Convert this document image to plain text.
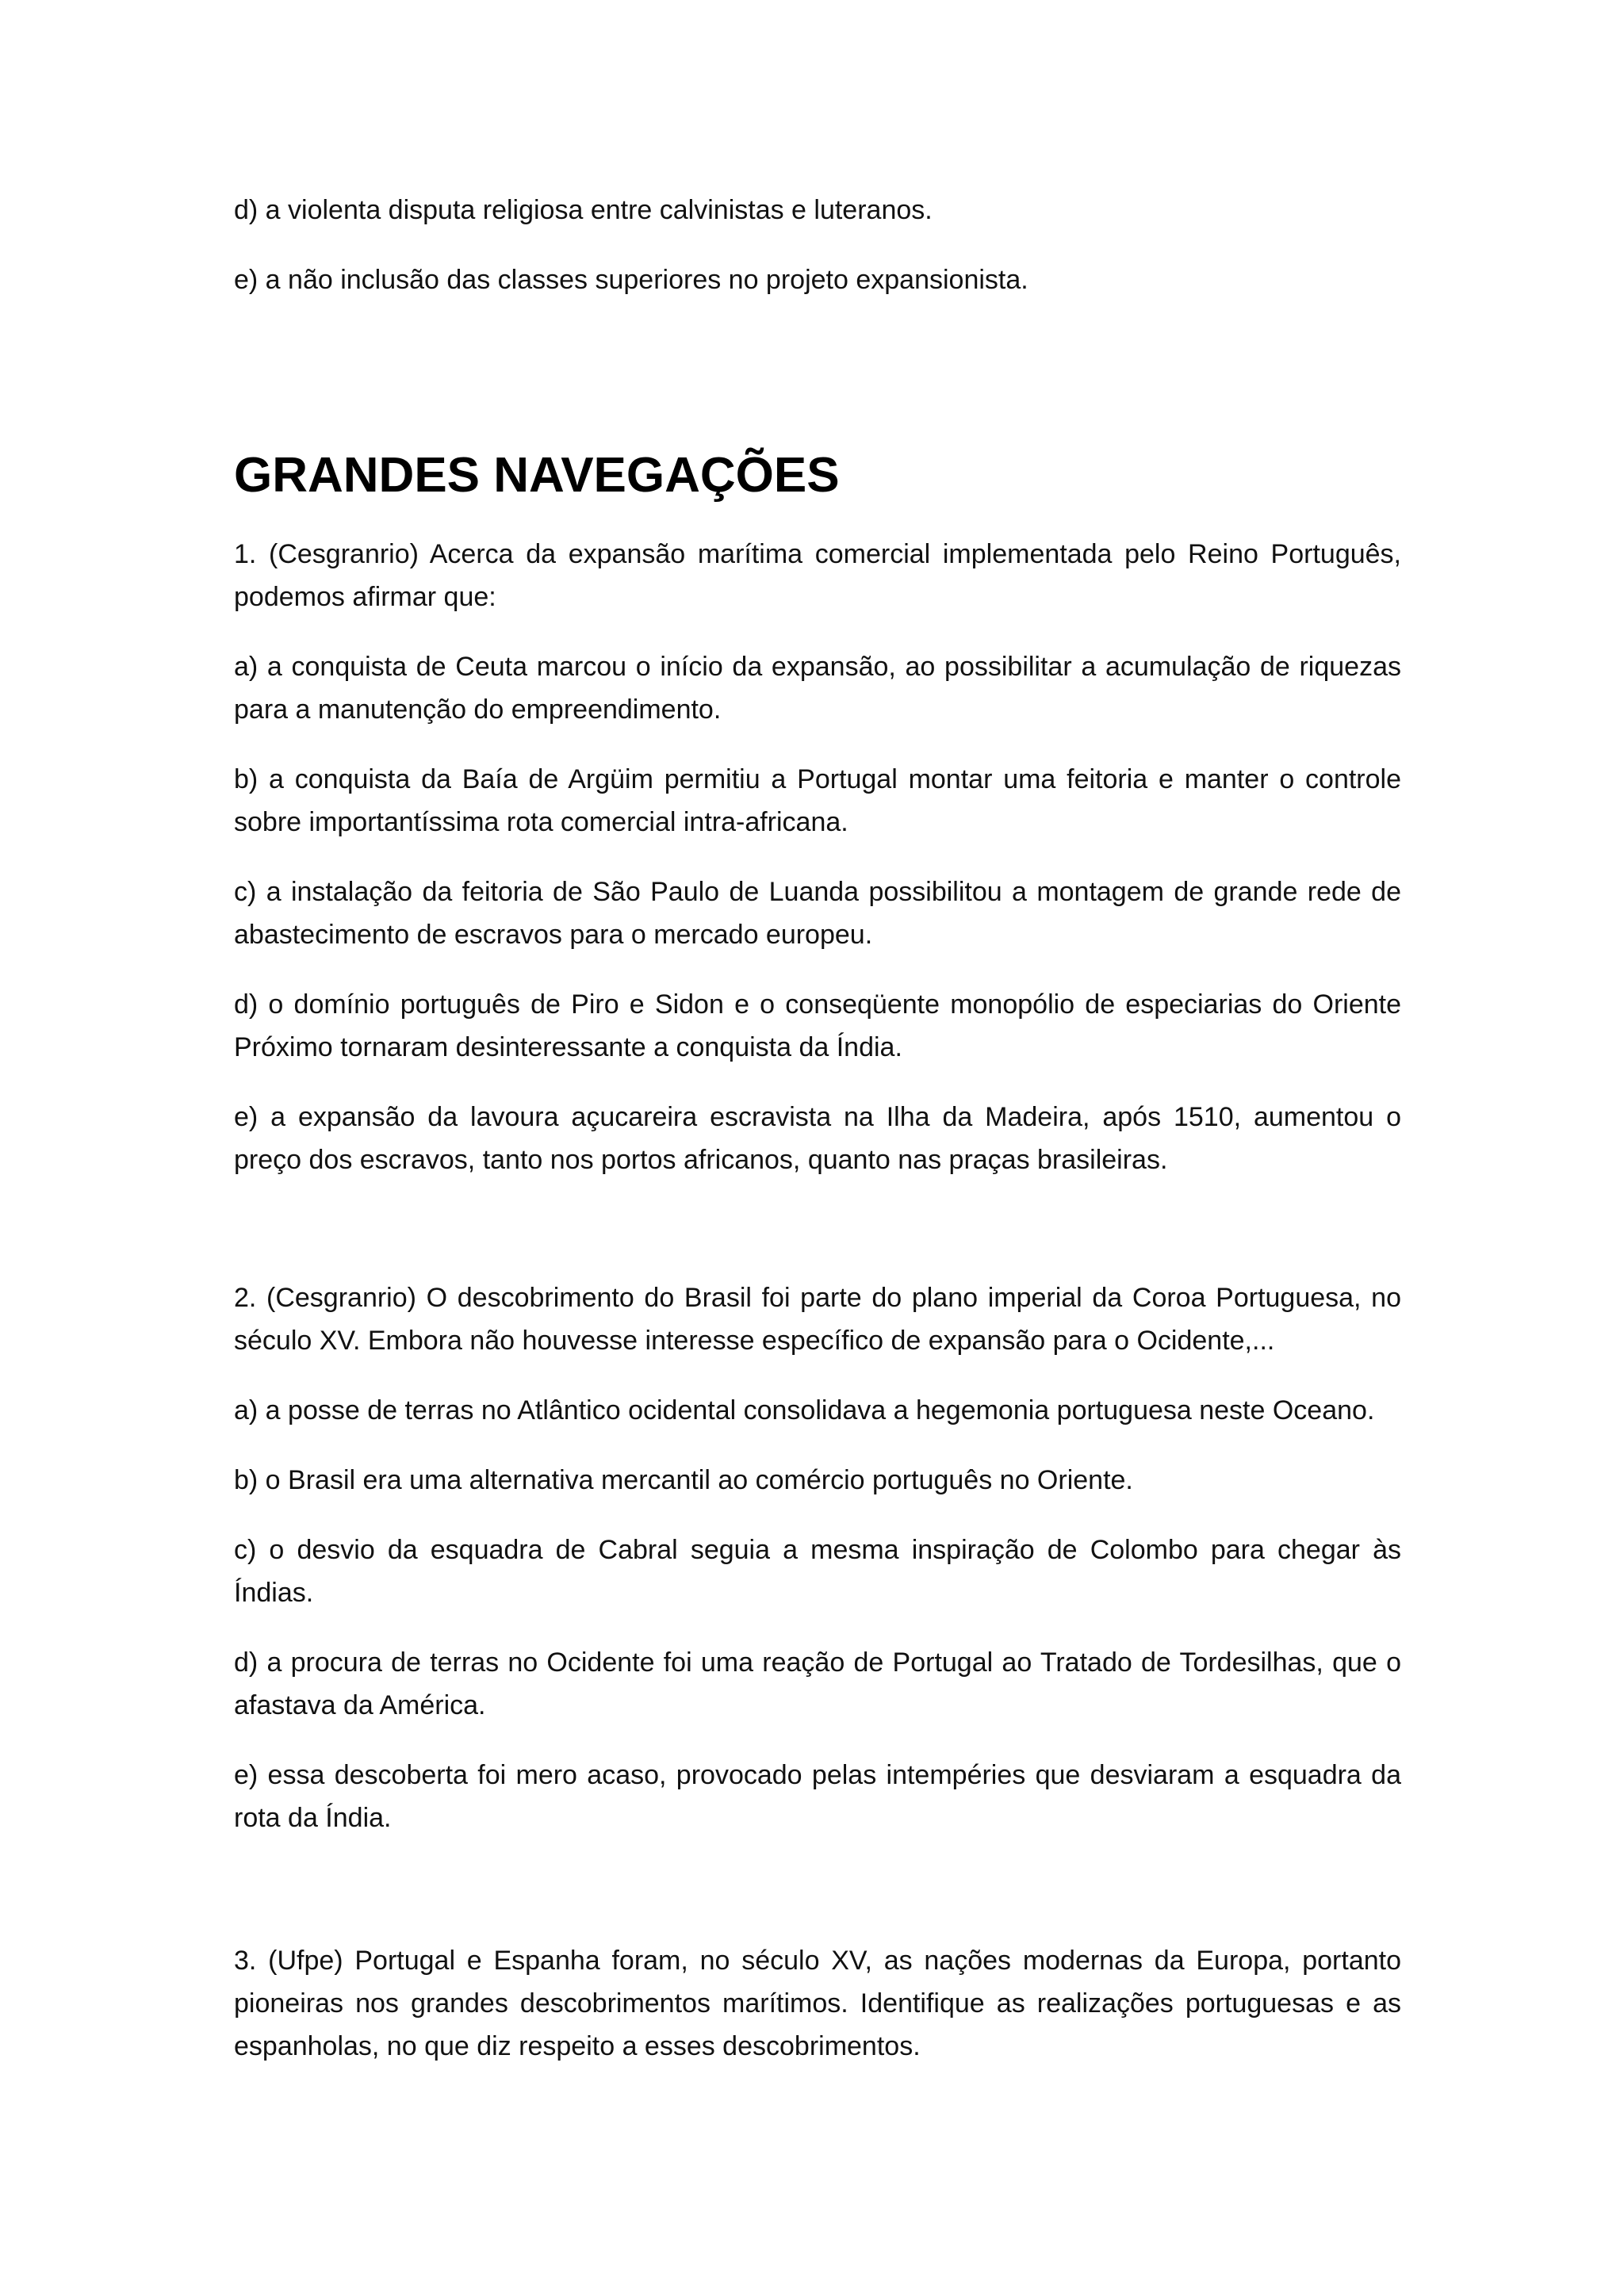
d) a violenta disputa religiosa entre calvinistas e luteranos.

e) a não inclusão das classes superiores no projeto expansionista.

GRANDES NAVEGAÇÕES

1. (Cesgranrio) Acerca da expansão marítima comercial implementada pelo Reino Português, podemos afirmar que:

a) a conquista de Ceuta marcou o início da expansão, ao possibilitar a acumulação de riquezas para a manutenção do empreendimento.

b) a conquista da Baía de Argüim permitiu a Portugal montar uma feitoria e manter o controle sobre importantíssima rota comercial intra-africana.

c) a instalação da feitoria de São Paulo de Luanda possibilitou a montagem de grande rede de abastecimento de escravos para o mercado europeu.

d) o domínio português de Piro e Sidon e o conseqüente monopólio de especiarias do Oriente Próximo tornaram desinteressante a conquista da Índia.

e) a expansão da lavoura açucareira escravista na Ilha da Madeira, após 1510, aumentou o preço dos escravos, tanto nos portos africanos, quanto nas praças brasileiras.

2. (Cesgranrio) O descobrimento do Brasil foi parte do plano imperial da Coroa Portuguesa, no século XV. Embora não houvesse interesse específico de expansão para o Ocidente,...

a) a posse de terras no Atlântico ocidental consolidava a hegemonia portuguesa neste Oceano.

b) o Brasil era uma alternativa mercantil ao comércio português no Oriente.

c) o desvio da esquadra de Cabral seguia a mesma inspiração de Colombo para chegar às Índias.

d) a procura de terras no Ocidente foi uma reação de Portugal ao Tratado de Tordesilhas, que o afastava da América.

e) essa descoberta foi mero acaso, provocado pelas intempéries que desviaram a esquadra da rota da Índia.

3. (Ufpe) Portugal e Espanha foram, no século XV, as nações modernas da Europa, portanto pioneiras nos grandes descobrimentos marítimos. Identifique as realizações portuguesas e as espanholas, no que diz respeito a esses descobrimentos.
